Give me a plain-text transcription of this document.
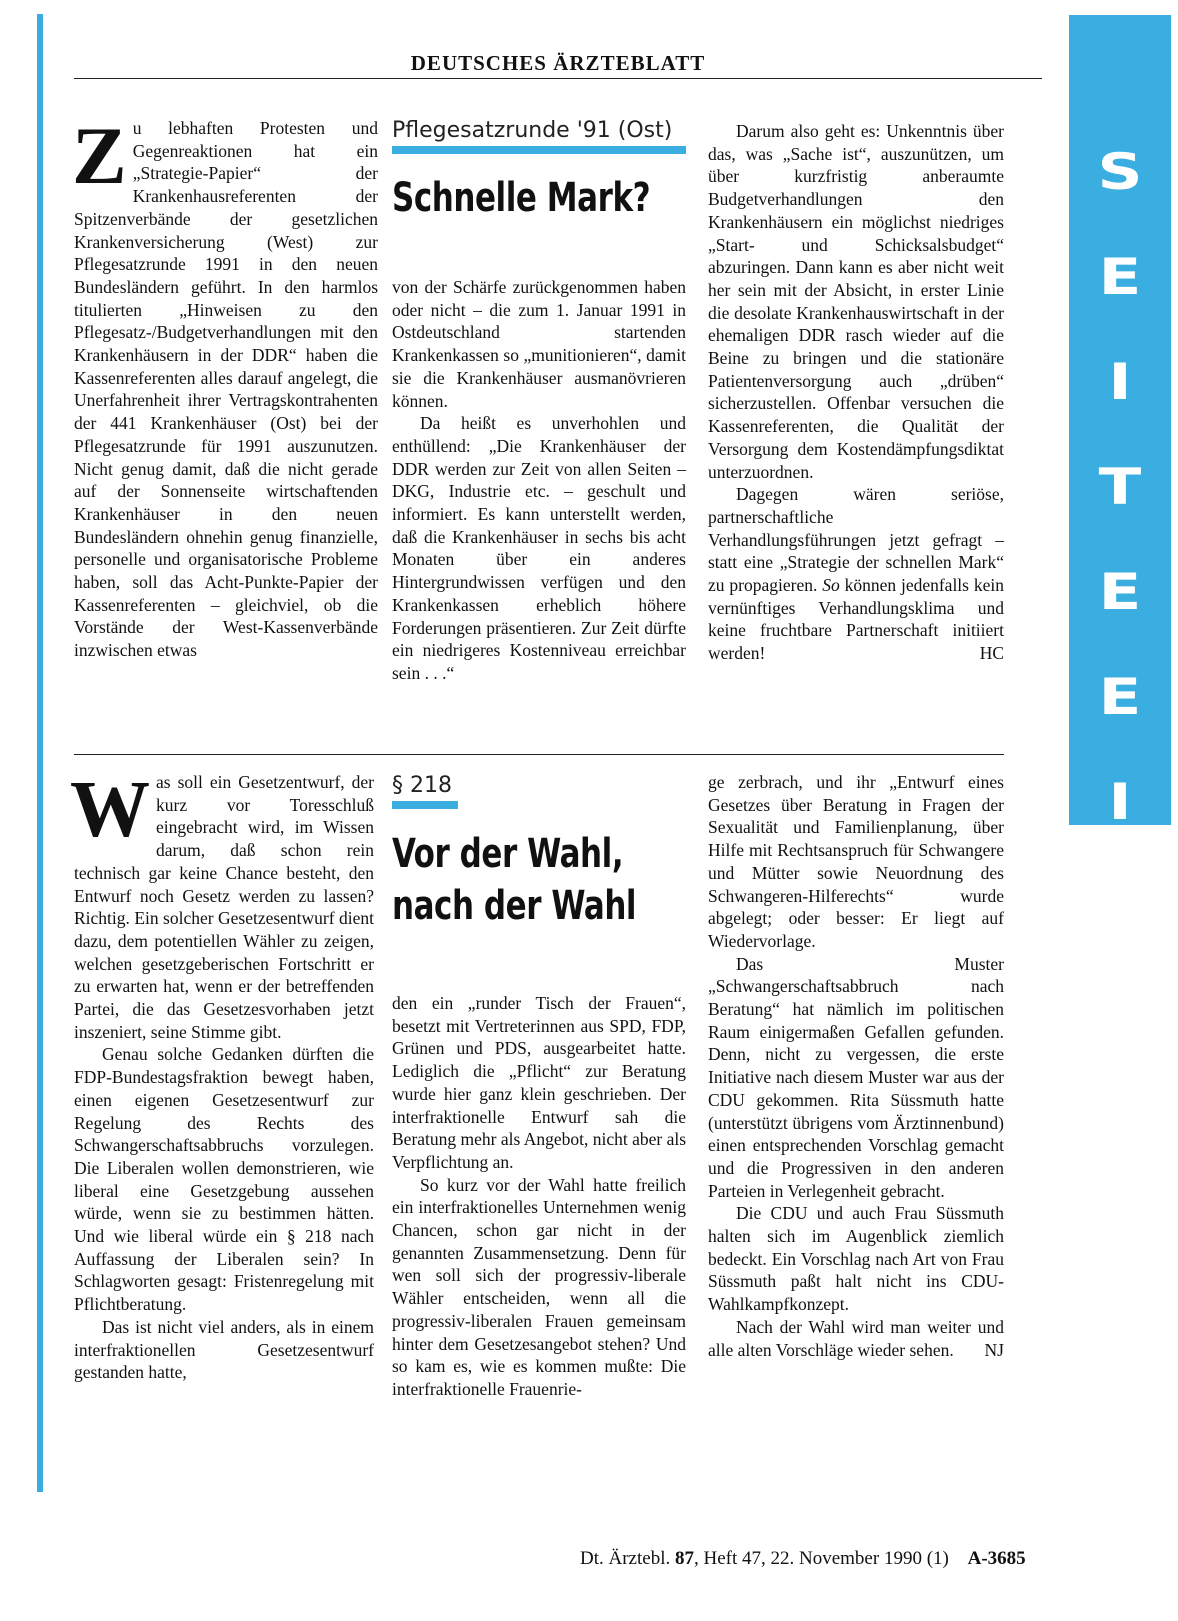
S
E
I
T
E
E
I
N
S
DEUTSCHES ÄRZTEBLATT

Zu lebhaften Protesten und Gegenreaktionen hat ein „Strategie-Papier“ der Krankenhausreferenten der Spitzenverbände der gesetzlichen Krankenversicherung (West) zur Pflegesatzrunde 1991 in den neuen Bundesländern geführt. In den harmlos titulierten „Hinweisen zu den Pflegesatz-/Budgetverhandlungen mit den Krankenhäusern in der DDR“ haben die Kassenreferenten alles darauf angelegt, die Unerfahrenheit ihrer Vertragskontrahenten der 441 Krankenhäuser (Ost) bei der Pflegesatzrunde für 1991 auszunutzen. Nicht genug damit, daß die nicht gerade auf der Sonnenseite wirtschaftenden Krankenhäuser in den neuen Bundesländern ohnehin genug finanzielle, personelle und organisatorische Probleme haben, soll das Acht-Punkte-Papier der Kassenreferenten – gleichviel, ob die Vorstände der West-Kassenverbände inzwischen etwas

Pflegesatzrunde '91 (Ost)
Schnelle Mark?

von der Schärfe zurückgenommen haben oder nicht – die zum 1. Januar 1991 in Ostdeutschland startenden Krankenkassen so „munitionieren“, damit sie die Krankenhäuser ausmanövrieren können.

Da heißt es unverhohlen und enthüllend: „Die Krankenhäuser der DDR werden zur Zeit von allen Seiten – DKG, Industrie etc. – geschult und informiert. Es kann unterstellt werden, daß die Krankenhäuser in sechs bis acht Monaten über ein anderes Hintergrundwissen verfügen und den Krankenkassen erheblich höhere Forderungen präsentieren. Zur Zeit dürfte ein niedrigeres Kostenniveau erreichbar sein . . .“

Darum also geht es: Unkenntnis über das, was „Sache ist“, auszunützen, um über kurzfristig anberaumte Budgetverhandlungen den Krankenhäusern ein möglichst niedriges „Start- und Schicksalsbudget“ abzuringen. Dann kann es aber nicht weit her sein mit der Absicht, in erster Linie die desolate Krankenhauswirtschaft in der ehemaligen DDR rasch wieder auf die Beine zu bringen und die stationäre Patientenversorgung auch „drüben“ sicherzustellen. Offenbar versuchen die Kassenreferenten, die Qualität der Versorgung dem Kostendämpfungsdiktat unterzuordnen.

Dagegen wären seriöse, partnerschaftliche Verhandlungsführungen jetzt gefragt – statt eine „Strategie der schnellen Mark“ zu propagieren. So können jedenfalls kein vernünftiges Verhandlungsklima und keine fruchtbare Partnerschaft initiiert werden!	HC

Was soll ein Gesetzentwurf, der kurz vor Toresschluß eingebracht wird, im Wissen darum, daß schon rein technisch gar keine Chance besteht, den Entwurf noch Gesetz werden zu lassen? Richtig. Ein solcher Gesetzesentwurf dient dazu, dem potentiellen Wähler zu zeigen, welchen gesetzgeberischen Fortschritt er zu erwarten hat, wenn er der betreffenden Partei, die das Gesetzesvorhaben jetzt inszeniert, seine Stimme gibt.

Genau solche Gedanken dürften die FDP-Bundestagsfraktion bewegt haben, einen eigenen Gesetzesentwurf zur Regelung des Rechts des Schwangerschaftsabbruchs vorzulegen. Die Liberalen wollen demonstrieren, wie liberal eine Gesetzgebung aussehen würde, wenn sie zu bestimmen hätten. Und wie liberal würde ein § 218 nach Auffassung der Liberalen sein? In Schlagworten gesagt: Fristenregelung mit Pflichtberatung.

Das ist nicht viel anders, als in einem interfraktionellen Gesetzesentwurf gestanden hatte,

§ 218
Vor der Wahl,
nach der Wahl

den ein „runder Tisch der Frauen“, besetzt mit Vertreterinnen aus SPD, FDP, Grünen und PDS, ausgearbeitet hatte. Lediglich die „Pflicht“ zur Beratung wurde hier ganz klein geschrieben. Der interfraktionelle Entwurf sah die Beratung mehr als Angebot, nicht aber als Verpflichtung an.

So kurz vor der Wahl hatte freilich ein interfraktionelles Unternehmen wenig Chancen, schon gar nicht in der genannten Zusammensetzung. Denn für wen soll sich der progressiv-liberale Wähler entscheiden, wenn all die progressiv-liberalen Frauen gemeinsam hinter dem Gesetzesangebot stehen? Und so kam es, wie es kommen mußte: Die interfraktionelle Frauenrie-

ge zerbrach, und ihr „Entwurf eines Gesetzes über Beratung in Fragen der Sexualität und Familienplanung, über Hilfe mit Rechtsanspruch für Schwangere und Mütter sowie Neuordnung des Schwangeren-Hilferechts“ wurde abgelegt; oder besser: Er liegt auf Wiedervorlage.

Das Muster „Schwangerschaftsabbruch nach Beratung“ hat nämlich im politischen Raum einigermaßen Gefallen gefunden. Denn, nicht zu vergessen, die erste Initiative nach diesem Muster war aus der CDU gekommen. Rita Süssmuth hatte (unterstützt übrigens vom Ärztinnenbund) einen entsprechenden Vorschlag gemacht und die Progressiven in den anderen Parteien in Verlegenheit gebracht.

Die CDU und auch Frau Süssmuth halten sich im Augenblick ziemlich bedeckt. Ein Vorschlag nach Art von Frau Süssmuth paßt halt nicht ins CDU-Wahlkampfkonzept.

Nach der Wahl wird man weiter und alle alten Vorschläge wieder sehen.	NJ

Dt. Ärztebl. 87, Heft 47, 22. November 1990 (1) A-3685
